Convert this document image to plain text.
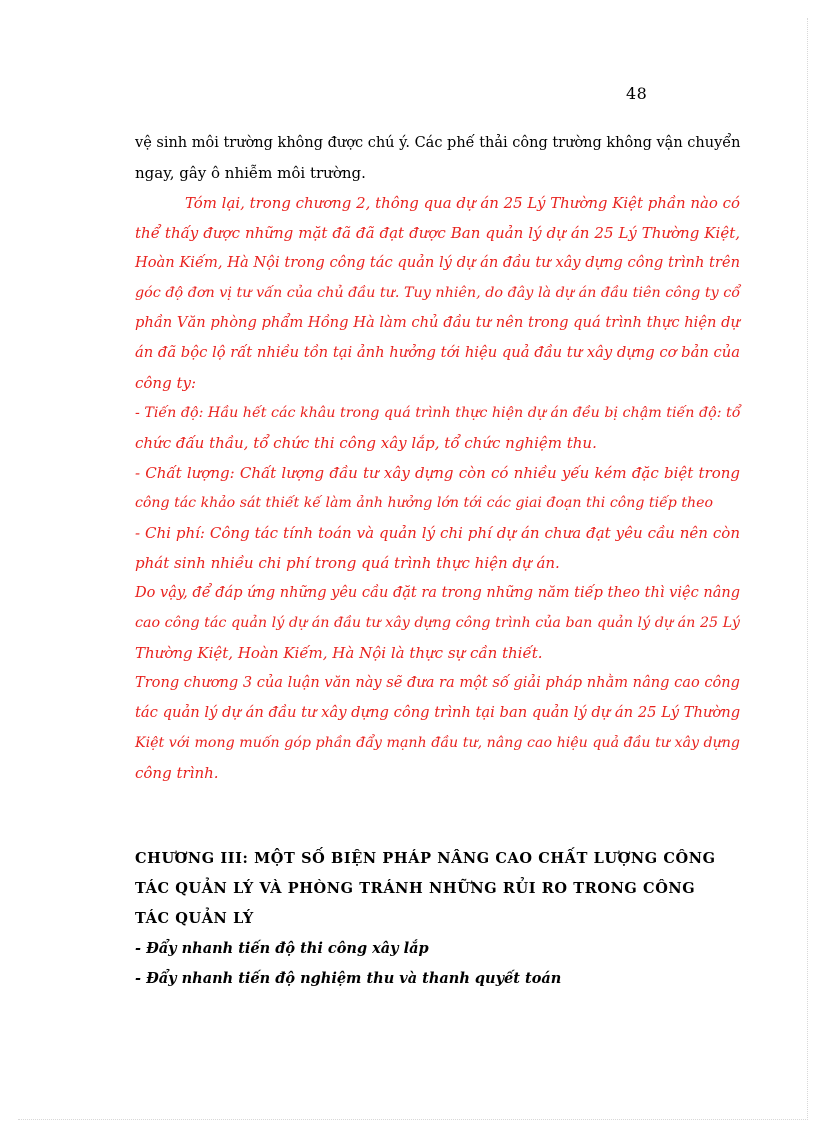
48
vệ sinh môi trường không được chú ý. Các phế thải công trường không vận chuyển
ngay, gây ô nhiễm môi trường.
Tóm lại, trong chương 2, thông qua dự án 25 Lý Thường Kiệt phần nào có
thể thấy được những mặt đã đã đạt được Ban quản lý dự án 25 Lý Thường Kiệt,
Hoàn Kiếm, Hà Nội trong công tác quản lý dự án đầu tư xây dựng công trình trên
góc độ đơn vị tư vấn của chủ đầu tư. Tuy nhiên, do đây là dự án đầu tiên công ty cổ
phần Văn phòng phẩm Hồng Hà làm chủ đầu tư nên trong quá trình thực hiện dự
án đã bộc lộ rất nhiều tồn tại ảnh hưởng tới hiệu quả đầu tư xây dựng cơ bản của
công ty:
- Tiến độ: Hầu hết các khâu trong quá trình thực hiện dự án đều bị chậm tiến độ: tổ
chức đấu thầu, tổ chức thi công xây lắp, tổ chức nghiệm thu.
- Chất lượng: Chất lượng đầu tư xây dựng còn có nhiều yếu kém đặc biệt trong
công tác khảo sát thiết kế làm ảnh hưởng lớn tới các giai đoạn thi công tiếp theo
- Chi phí: Công tác tính toán và quản lý chi phí dự án chưa đạt yêu cầu nên còn
phát sinh nhiều chi phí trong quá trình thực hiện dự án.
Do vậy, để đáp ứng những yêu cầu đặt ra trong những năm tiếp theo thì việc nâng
cao công tác quản lý dự án đầu tư xây dựng công trình của ban quản lý dự án 25 Lý
Thường Kiệt, Hoàn Kiếm, Hà Nội là thực sự cần thiết.
Trong chương 3 của luận văn này sẽ đưa ra một số giải pháp nhằm nâng cao công
tác quản lý dự án đầu tư xây dựng công trình tại ban quản lý dự án 25 Lý Thường
Kiệt với mong muốn góp phần đẩy mạnh đầu tư, nâng cao hiệu quả đầu tư xây dựng
công trình.
CHƯƠNG III: MỘT SỐ BIỆN PHÁP NÂNG CAO CHẤT LƯỢNG CÔNG
TÁC QUẢN LÝ VÀ PHÒNG TRÁNH NHỮNG RỦI RO TRONG CÔNG
TÁC QUẢN LÝ
- Đẩy nhanh tiến độ thi công xây lắp
- Đẩy nhanh tiến độ nghiệm thu và thanh quyết toán
